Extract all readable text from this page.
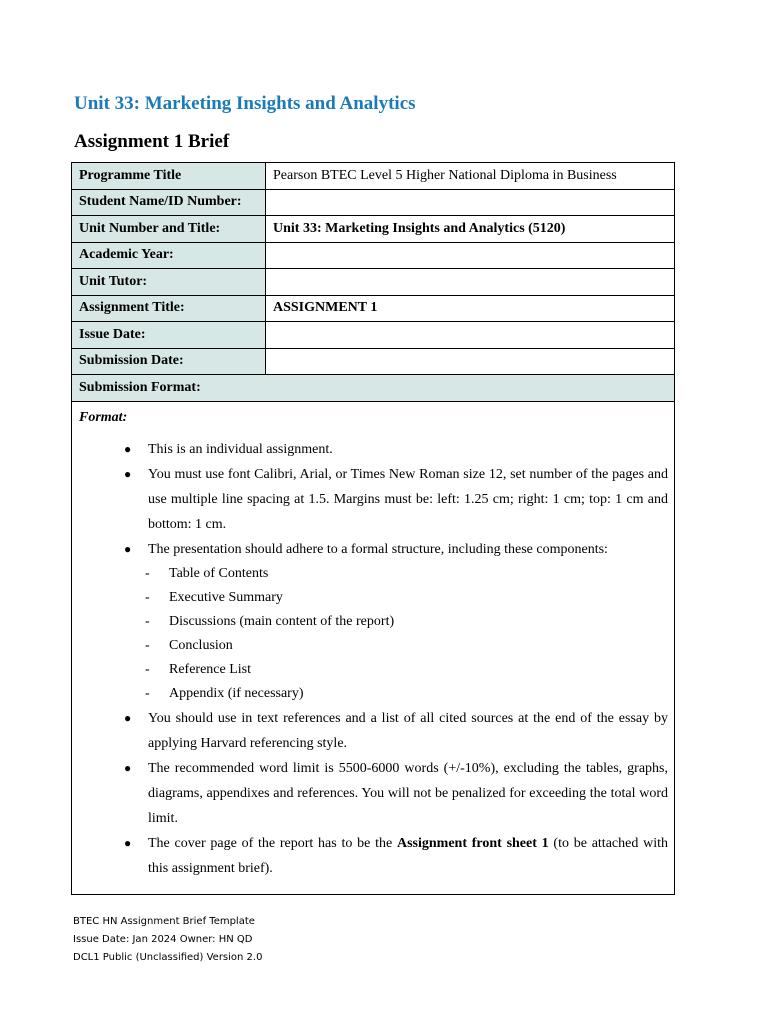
Unit 33: Marketing Insights and Analytics
Assignment 1 Brief
Programme Title	Pearson BTEC Level 5 Higher National Diploma in Business
Student Name/ID Number:	
Unit Number and Title:	Unit 33: Marketing Insights and Analytics (5120)
Academic Year:	
Unit Tutor:	
Assignment Title:	ASSIGNMENT 1
Issue Date:	
Submission Date:	
Submission Format:	
Format:
● This is an individual assignment.
● You must use font Calibri, Arial, or Times New Roman size 12, set number of the pages and use multiple line spacing at 1.5. Margins must be: left: 1.25 cm; right: 1 cm; top: 1 cm and bottom: 1 cm.
● The presentation should adhere to a formal structure, including these components:
- Table of Contents
- Executive Summary
- Discussions (main content of the report)
- Conclusion
- Reference List
- Appendix (if necessary)
● You should use in text references and a list of all cited sources at the end of the essay by applying Harvard referencing style.
● The recommended word limit is 5500-6000 words (+/-10%), excluding the tables, graphs, diagrams, appendixes and references. You will not be penalized for exceeding the total word limit.
● The cover page of the report has to be the Assignment front sheet 1 (to be attached with this assignment brief).
BTEC HN Assignment Brief Template
Issue Date: Jan 2024 Owner: HN QD
DCL1 Public (Unclassified) Version 2.0
